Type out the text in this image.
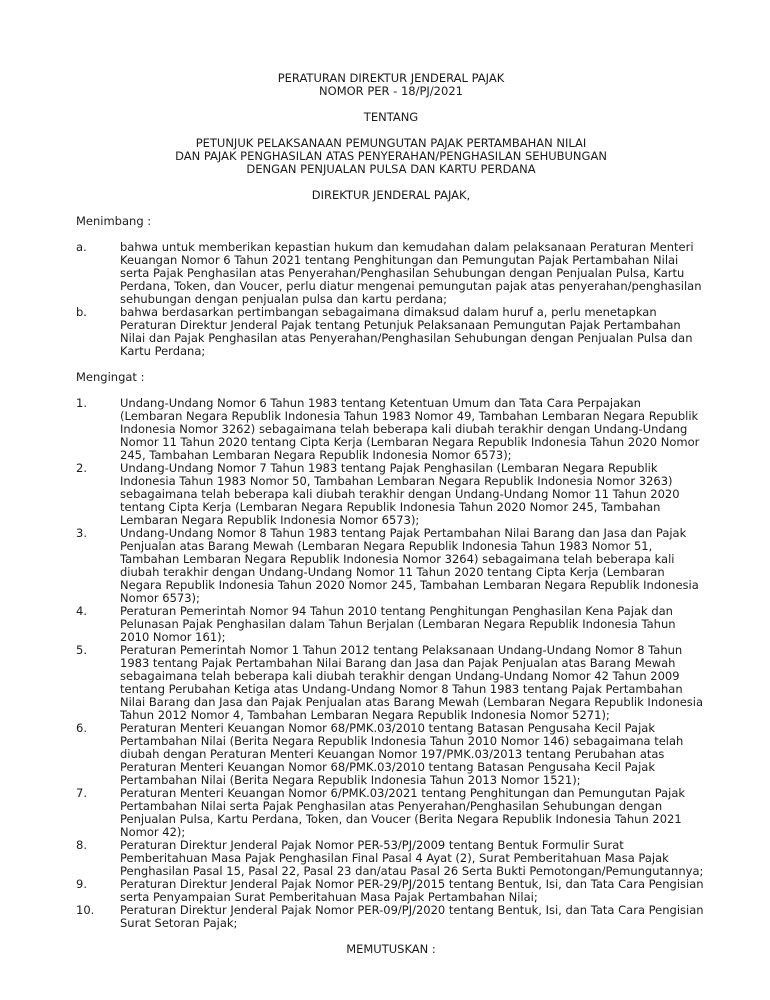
PERATURAN DIREKTUR JENDERAL PAJAK
NOMOR PER - 18/PJ/2021
TENTANG
PETUNJUK PELAKSANAAN PEMUNGUTAN PAJAK PERTAMBAHAN NILAI
DAN PAJAK PENGHASILAN ATAS PENYERAHAN/PENGHASILAN SEHUBUNGAN
DENGAN PENJUALAN PULSA DAN KARTU PERDANA
DIREKTUR JENDERAL PAJAK,
Menimbang :
a.	bahwa untuk memberikan kepastian hukum dan kemudahan dalam pelaksanaan Peraturan Menteri Keuangan Nomor 6 Tahun 2021 tentang Penghitungan dan Pemungutan Pajak Pertambahan Nilai serta Pajak Penghasilan atas Penyerahan/Penghasilan Sehubungan dengan Penjualan Pulsa, Kartu Perdana, Token, dan Voucer, perlu diatur mengenai pemungutan pajak atas penyerahan/penghasilan sehubungan dengan penjualan pulsa dan kartu perdana;
b.	bahwa berdasarkan pertimbangan sebagaimana dimaksud dalam huruf a, perlu menetapkan Peraturan Direktur Jenderal Pajak tentang Petunjuk Pelaksanaan Pemungutan Pajak Pertambahan Nilai dan Pajak Penghasilan atas Penyerahan/Penghasilan Sehubungan dengan Penjualan Pulsa dan Kartu Perdana;
Mengingat :
1.	Undang-Undang Nomor 6 Tahun 1983 tentang Ketentuan Umum dan Tata Cara Perpajakan (Lembaran Negara Republik Indonesia Tahun 1983 Nomor 49, Tambahan Lembaran Negara Republik Indonesia Nomor 3262) sebagaimana telah beberapa kali diubah terakhir dengan Undang-Undang Nomor 11 Tahun 2020 tentang Cipta Kerja (Lembaran Negara Republik Indonesia Tahun 2020 Nomor 245, Tambahan Lembaran Negara Republik Indonesia Nomor 6573);
2.	Undang-Undang Nomor 7 Tahun 1983 tentang Pajak Penghasilan (Lembaran Negara Republik Indonesia Tahun 1983 Nomor 50, Tambahan Lembaran Negara Republik Indonesia Nomor 3263) sebagaimana telah beberapa kali diubah terakhir dengan Undang-Undang Nomor 11 Tahun 2020 tentang Cipta Kerja (Lembaran Negara Republik Indonesia Tahun 2020 Nomor 245, Tambahan Lembaran Negara Republik Indonesia Nomor 6573);
3.	Undang-Undang Nomor 8 Tahun 1983 tentang Pajak Pertambahan Nilai Barang dan Jasa dan Pajak Penjualan atas Barang Mewah (Lembaran Negara Republik Indonesia Tahun 1983 Nomor 51, Tambahan Lembaran Negara Republik Indonesia Nomor 3264) sebagaimana telah beberapa kali diubah terakhir dengan Undang-Undang Nomor 11 Tahun 2020 tentang Cipta Kerja (Lembaran Negara Republik Indonesia Tahun 2020 Nomor 245, Tambahan Lembaran Negara Republik Indonesia Nomor 6573);
4.	Peraturan Pemerintah Nomor 94 Tahun 2010 tentang Penghitungan Penghasilan Kena Pajak dan Pelunasan Pajak Penghasilan dalam Tahun Berjalan (Lembaran Negara Republik Indonesia Tahun 2010 Nomor 161);
5.	Peraturan Pemerintah Nomor 1 Tahun 2012 tentang Pelaksanaan Undang-Undang Nomor 8 Tahun 1983 tentang Pajak Pertambahan Nilai Barang dan Jasa dan Pajak Penjualan atas Barang Mewah sebagaimana telah beberapa kali diubah terakhir dengan Undang-Undang Nomor 42 Tahun 2009 tentang Perubahan Ketiga atas Undang-Undang Nomor 8 Tahun 1983 tentang Pajak Pertambahan Nilai Barang dan Jasa dan Pajak Penjualan atas Barang Mewah (Lembaran Negara Republik Indonesia Tahun 2012 Nomor 4, Tambahan Lembaran Negara Republik Indonesia Nomor 5271);
6.	Peraturan Menteri Keuangan Nomor 68/PMK.03/2010 tentang Batasan Pengusaha Kecil Pajak Pertambahan Nilai (Berita Negara Republik Indonesia Tahun 2010 Nomor 146) sebagaimana telah diubah dengan Peraturan Menteri Keuangan Nomor 197/PMK.03/2013 tentang Perubahan atas Peraturan Menteri Keuangan Nomor 68/PMK.03/2010 tentang Batasan Pengusaha Kecil Pajak Pertambahan Nilai (Berita Negara Republik Indonesia Tahun 2013 Nomor 1521);
7.	Peraturan Menteri Keuangan Nomor 6/PMK.03/2021 tentang Penghitungan dan Pemungutan Pajak Pertambahan Nilai serta Pajak Penghasilan atas Penyerahan/Penghasilan Sehubungan dengan Penjualan Pulsa, Kartu Perdana, Token, dan Voucer (Berita Negara Republik Indonesia Tahun 2021 Nomor 42);
8.	Peraturan Direktur Jenderal Pajak Nomor PER-53/PJ/2009 tentang Bentuk Formulir Surat Pemberitahuan Masa Pajak Penghasilan Final Pasal 4 Ayat (2), Surat Pemberitahuan Masa Pajak Penghasilan Pasal 15, Pasal 22, Pasal 23 dan/atau Pasal 26 Serta Bukti Pemotongan/Pemungutannya;
9.	Peraturan Direktur Jenderal Pajak Nomor PER-29/PJ/2015 tentang Bentuk, Isi, dan Tata Cara Pengisian serta Penyampaian Surat Pemberitahuan Masa Pajak Pertambahan Nilai;
10.	Peraturan Direktur Jenderal Pajak Nomor PER-09/PJ/2020 tentang Bentuk, Isi, dan Tata Cara Pengisian Surat Setoran Pajak;
MEMUTUSKAN :
